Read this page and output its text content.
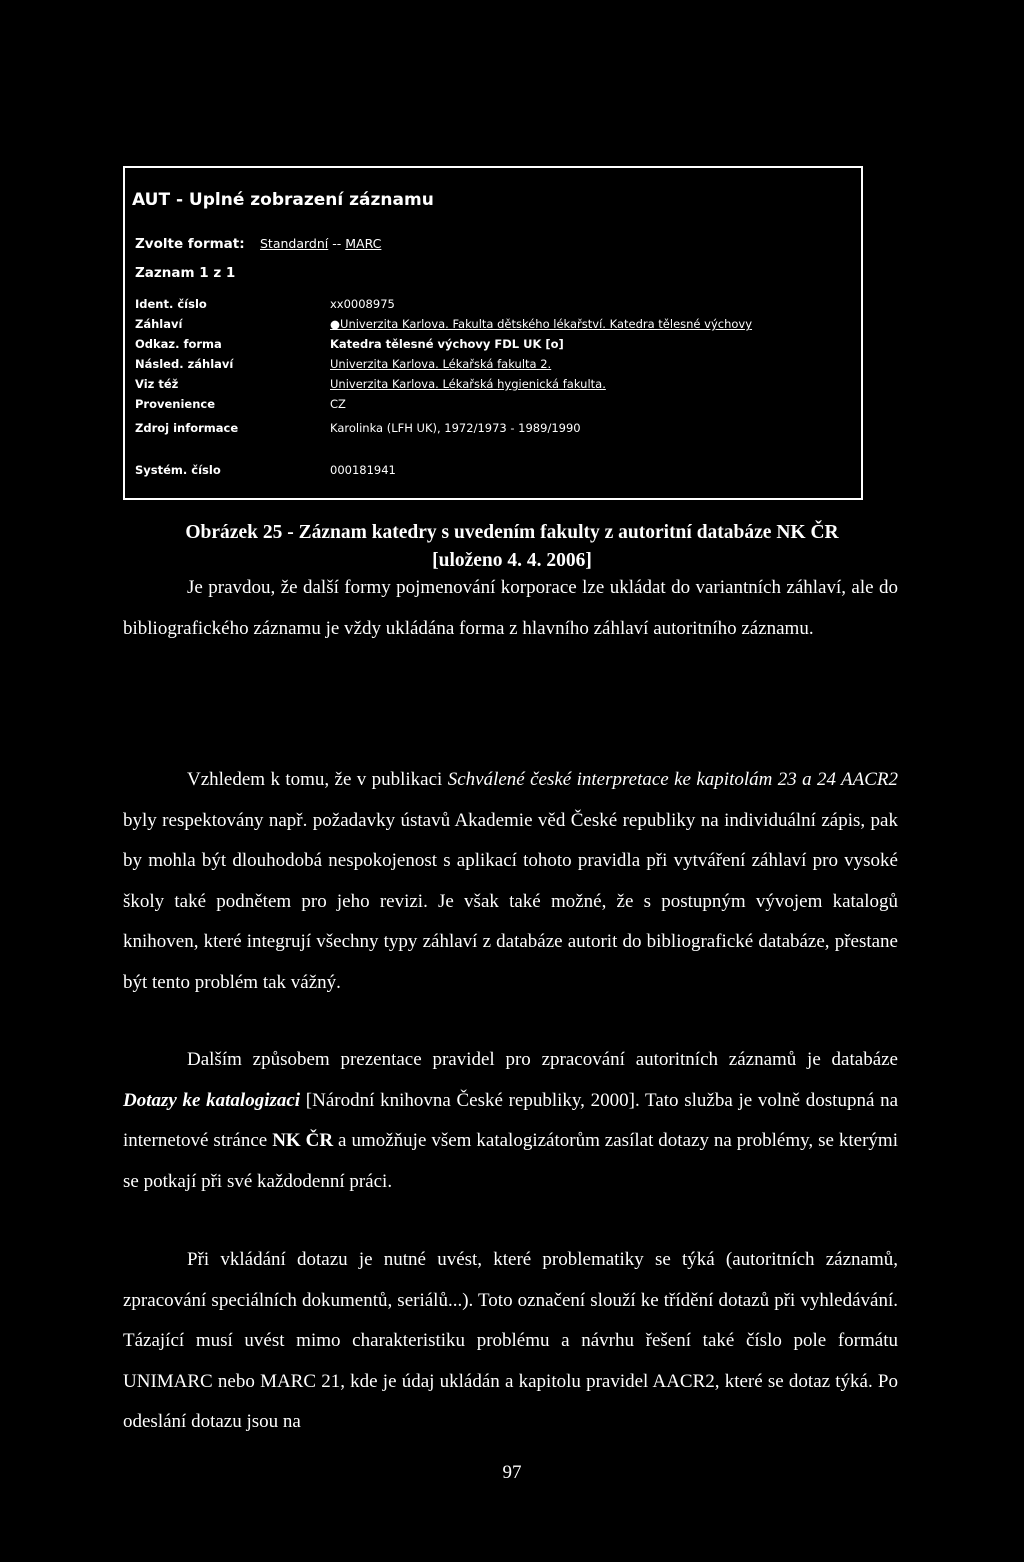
AUT - Uplné zobrazení záznamu
Zvolte format: Standardní -- MARC
Zaznam 1 z 1
Ident. číslo	xx0008975
Záhlaví	●Univerzita Karlova. Fakulta dětského lékařství. Katedra tělesné výchovy
Odkaz. forma	Katedra tělesné výchovy FDL UK [o]
Násled. záhlaví	Univerzita Karlova. Lékařská fakulta 2.
Viz též	Univerzita Karlova. Lékařská hygienická fakulta.
Provenience	CZ
Zdroj informace	Karolinka (LFH UK), 1972/1973 - 1989/1990
Systém. číslo	000181941
Obrázek 25 - Záznam katedry s uvedením fakulty z autoritní databáze NK ČR
[uloženo 4. 4. 2006]

Je pravdou, že další formy pojmenování korporace lze ukládat do variantních záhlaví, ale do bibliografického záznamu je vždy ukládána forma z hlavního záhlaví autoritního záznamu.

Vzhledem k tomu, že v publikaci Schválené české interpretace ke kapitolám 23 a 24 AACR2 byly respektovány např. požadavky ústavů Akademie věd České republiky na individuální zápis, pak by mohla být dlouhodobá nespokojenost s aplikací tohoto pravidla při vytváření záhlaví pro vysoké školy také podnětem pro jeho revizi. Je však také možné, že s postupným vývojem katalogů knihoven, které integrují všechny typy záhlaví z databáze autorit do bibliografické databáze, přestane být tento problém tak vážný.

Dalším způsobem prezentace pravidel pro zpracování autoritních záznamů je databáze Dotazy ke katalogizaci [Národní knihovna České republiky, 2000]. Tato služba je volně dostupná na internetové stránce NK ČR a umožňuje všem katalogizátorům zasílat dotazy na problémy, se kterými se potkají při své každodenní práci.

Při vkládání dotazu je nutné uvést, které problematiky se týká (autoritních záznamů, zpracování speciálních dokumentů, seriálů...). Toto označení slouží ke třídění dotazů při vyhledávání. Tázající musí uvést mimo charakteristiku problému a návrhu řešení také číslo pole formátu UNIMARC nebo MARC 21, kde je údaj ukládán a kapitolu pravidel AACR2, které se dotaz týká. Po odeslání dotazu jsou na

97
